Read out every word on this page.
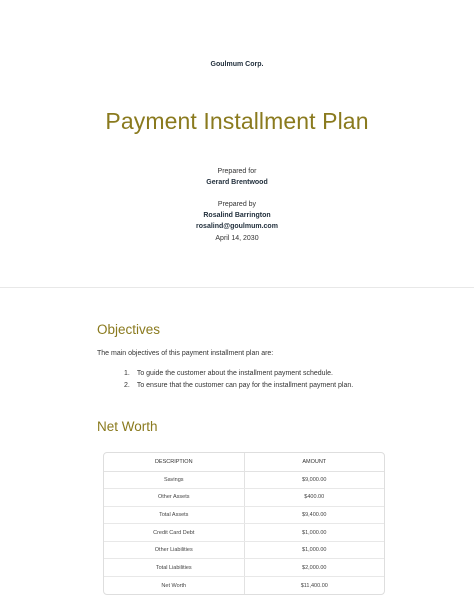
Goulmum Corp.
Payment Installment Plan
Prepared for
Gerard Brentwood
Prepared by
Rosalind Barrington
rosalind@goulmum.com
April 14, 2030
Objectives

The main objectives of this payment installment plan are:

1. To guide the customer about the installment payment schedule.
2. To ensure that the customer can pay for the installment payment plan.
Net Worth
DESCRIPTION	AMOUNT
Savings	$9,000.00
Other Assets	$400.00
Total Assets	$9,400.00
Credit Card Debt	$1,000.00
Other Liabilities	$1,000.00
Total Liabilities	$2,000.00
Net Worth	$11,400.00
